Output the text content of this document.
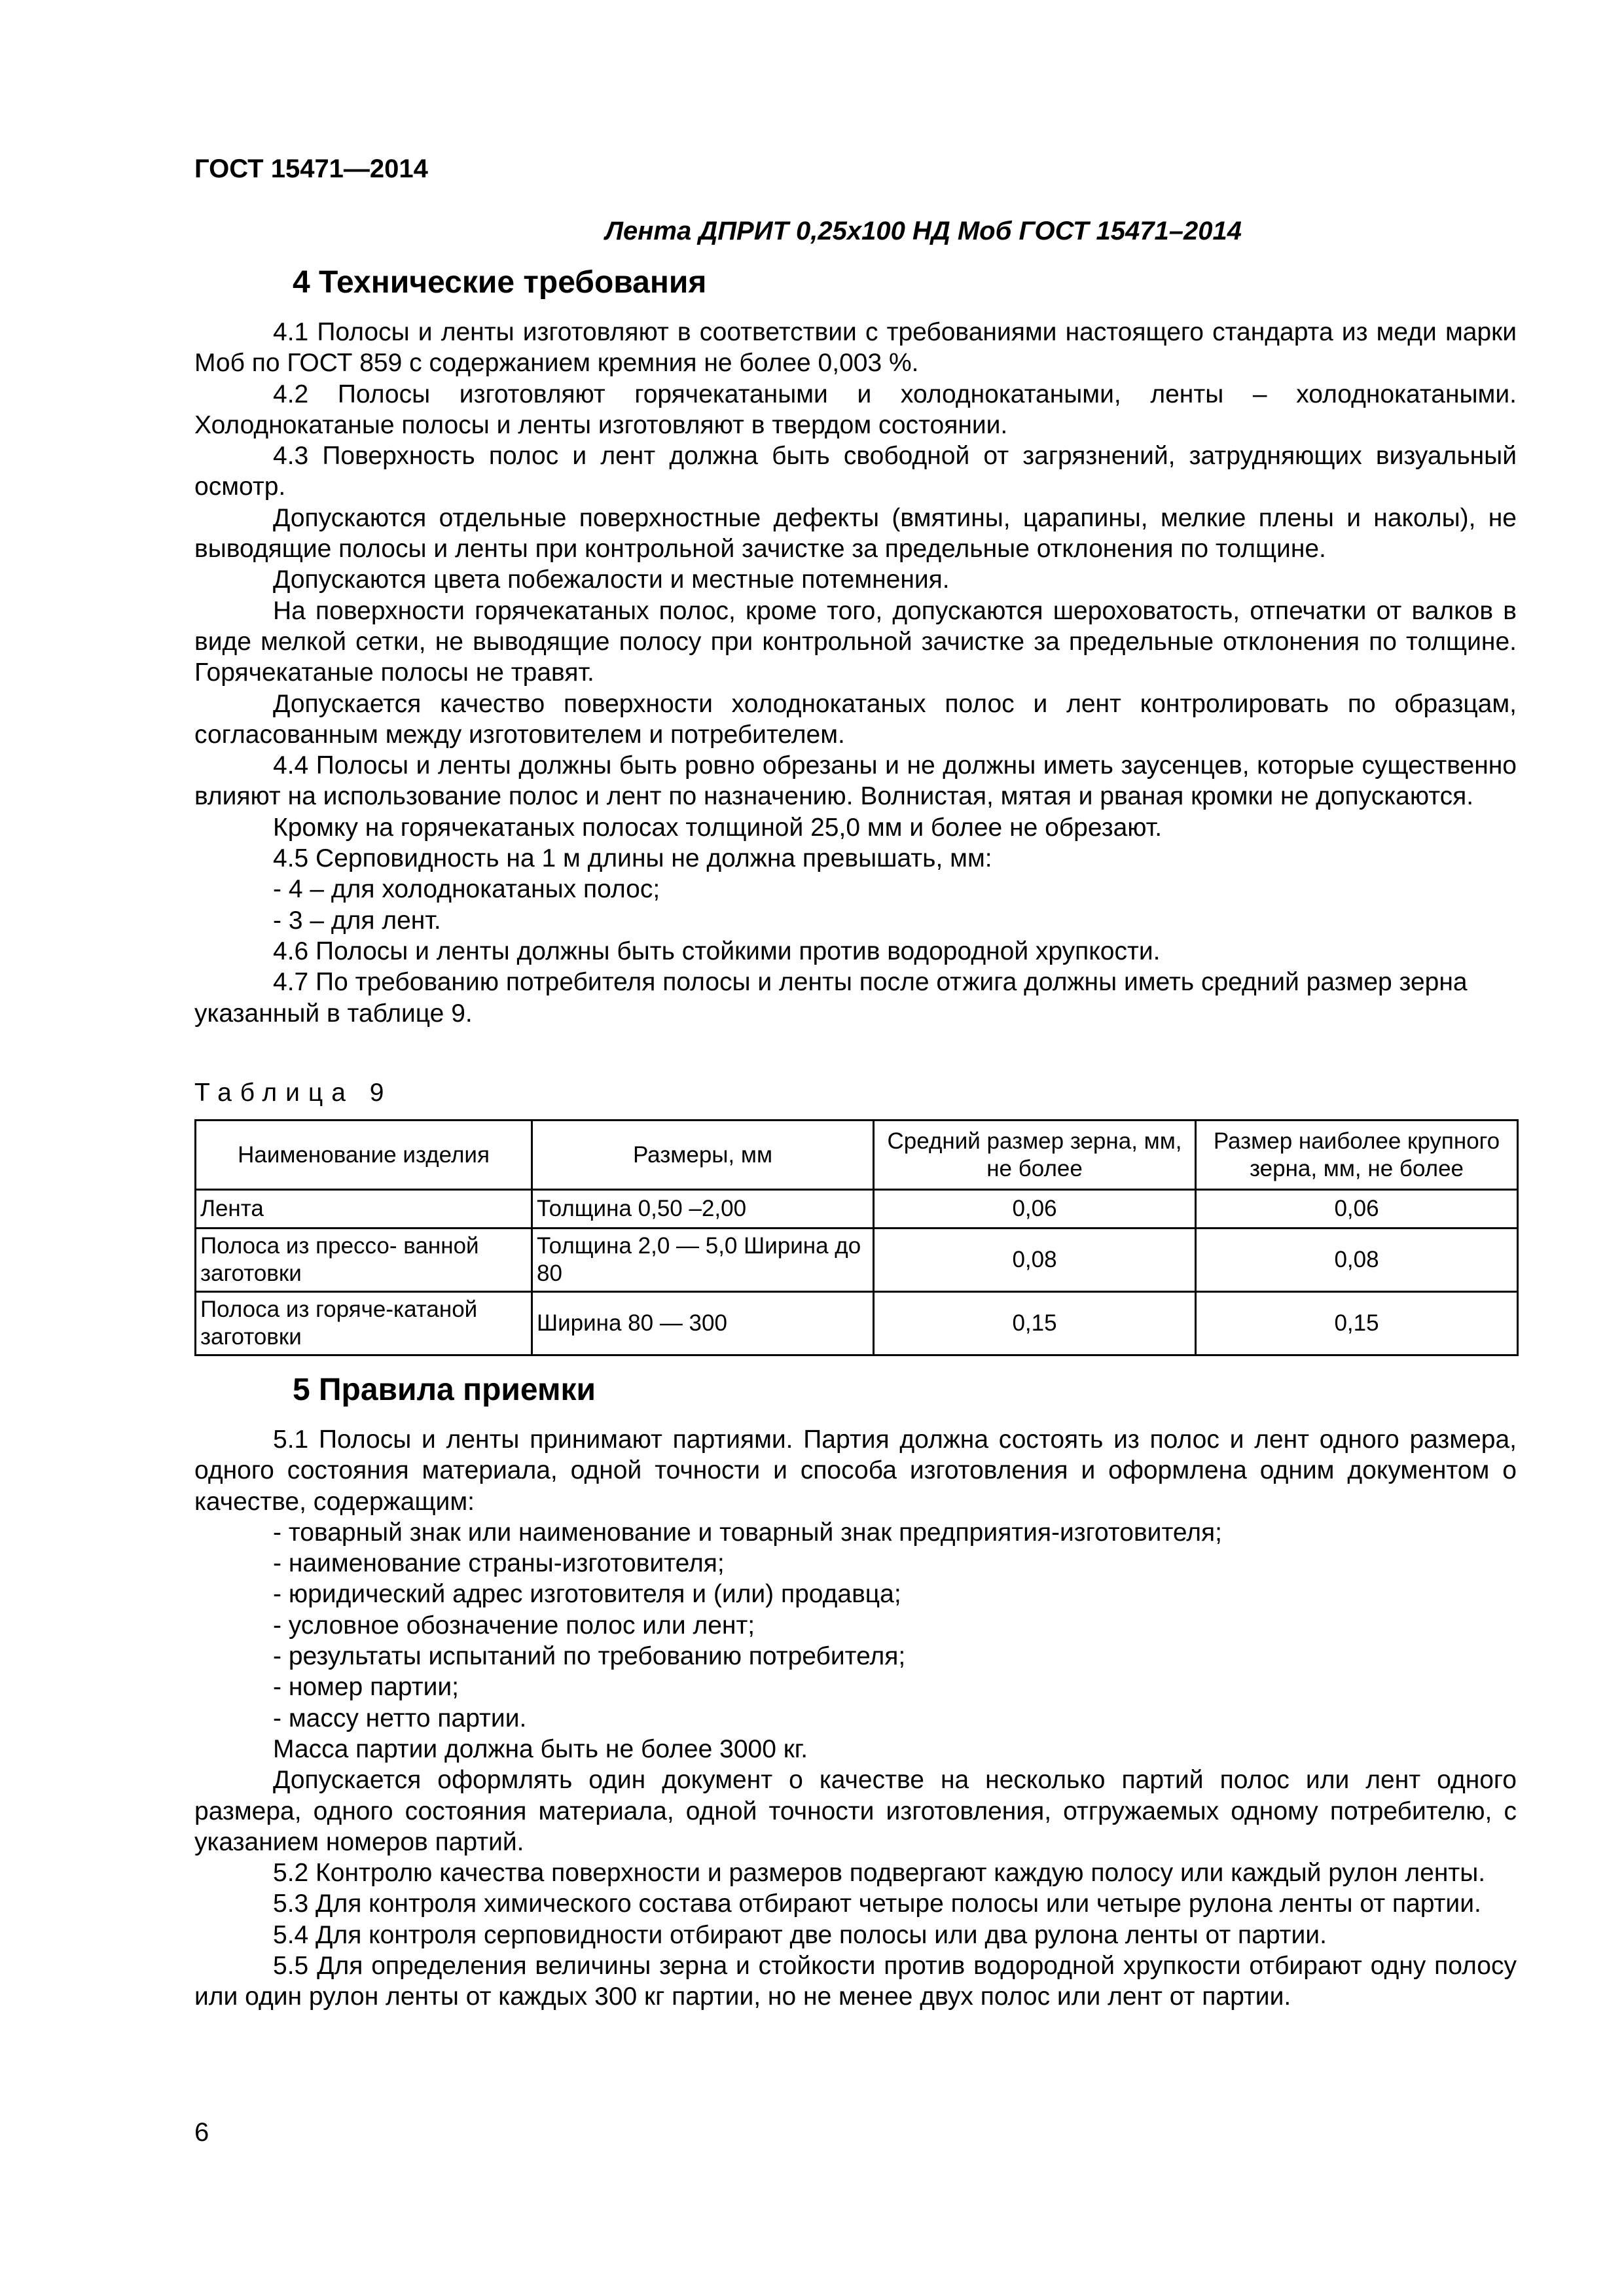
ГОСТ 15471—2014
Лента ДПРИТ 0,25х100 НД Моб ГОСТ 15471–2014
4 Технические требования

4.1 Полосы и ленты изготовляют в соответствии с требованиями настоящего стандарта из меди марки Моб по ГОСТ 859 с содержанием кремния не более 0,003 %.

4.2 Полосы изготовляют горячекатаными и холоднокатаными, ленты – холоднокатаными. Холоднокатаные полосы и ленты изготовляют в твердом состоянии.

4.3 Поверхность полос и лент должна быть свободной от загрязнений, затрудняющих визуальный осмотр.

Допускаются отдельные поверхностные дефекты (вмятины, царапины, мелкие плены и наколы), не выводящие полосы и ленты при контрольной зачистке за предельные отклонения по толщине.

Допускаются цвета побежалости и местные потемнения.

На поверхности горячекатаных полос, кроме того, допускаются шероховатость, отпечатки от валков в виде мелкой сетки, не выводящие полосу при контрольной зачистке за предельные отклонения по толщине. Горячекатаные полосы не травят.

Допускается качество поверхности холоднокатаных полос и лент контролировать по образцам, согласованным между изготовителем и потребителем.

4.4 Полосы и ленты должны быть ровно обрезаны и не должны иметь заусенцев, которые существенно влияют на использование полос и лент по назначению. Волнистая, мятая и рваная кромки не допускаются.

Кромку на горячекатаных полосах толщиной 25,0 мм и более не обрезают.

4.5 Серповидность на 1 м длины не должна превышать, мм:

- 4 – для холоднокатаных полос;

- 3 – для лент.

4.6 Полосы и ленты должны быть стойкими против водородной хрупкости.

4.7 По требованию потребителя полосы и ленты после отжига должны иметь средний размер зерна указанный в таблице 9.

Таблица 9
Наименование изделия	Размеры, мм	Средний размер зерна, мм, не более	Размер наиболее крупного зерна, мм, не более
Лента	Толщина 0,50 –2,00	0,06	0,06
Полоса из прессо- ванной заготовки	Толщина 2,0 — 5,0 Ширина до 80	0,08	0,08
Полоса из горяче-катаной заготовки	Ширина 80 — 300	0,15	0,15
5 Правила приемки

5.1 Полосы и ленты принимают партиями. Партия должна состоять из полос и лент одного размера, одного состояния материала, одной точности и способа изготовления и оформлена одним документом о качестве, содержащим:

- товарный знак или наименование и товарный знак предприятия-изготовителя;

- наименование страны-изготовителя;

- юридический адрес изготовителя и (или) продавца;

- условное обозначение полос или лент;

- результаты испытаний по требованию потребителя;

- номер партии;

- массу нетто партии.

Масса партии должна быть не более 3000 кг.

Допускается оформлять один документ о качестве на несколько партий полос или лент одного размера, одного состояния материала, одной точности изготовления, отгружаемых одному потребителю, с указанием номеров партий.

5.2 Контролю качества поверхности и размеров подвергают каждую полосу или каждый рулон ленты.

5.3 Для контроля химического состава отбирают четыре полосы или четыре рулона ленты от партии.

5.4 Для контроля серповидности отбирают две полосы или два рулона ленты от партии.

5.5 Для определения величины зерна и стойкости против водородной хрупкости отбирают одну полосу или один рулон ленты от каждых 300 кг партии, но не менее двух полос или лент от партии.

6
